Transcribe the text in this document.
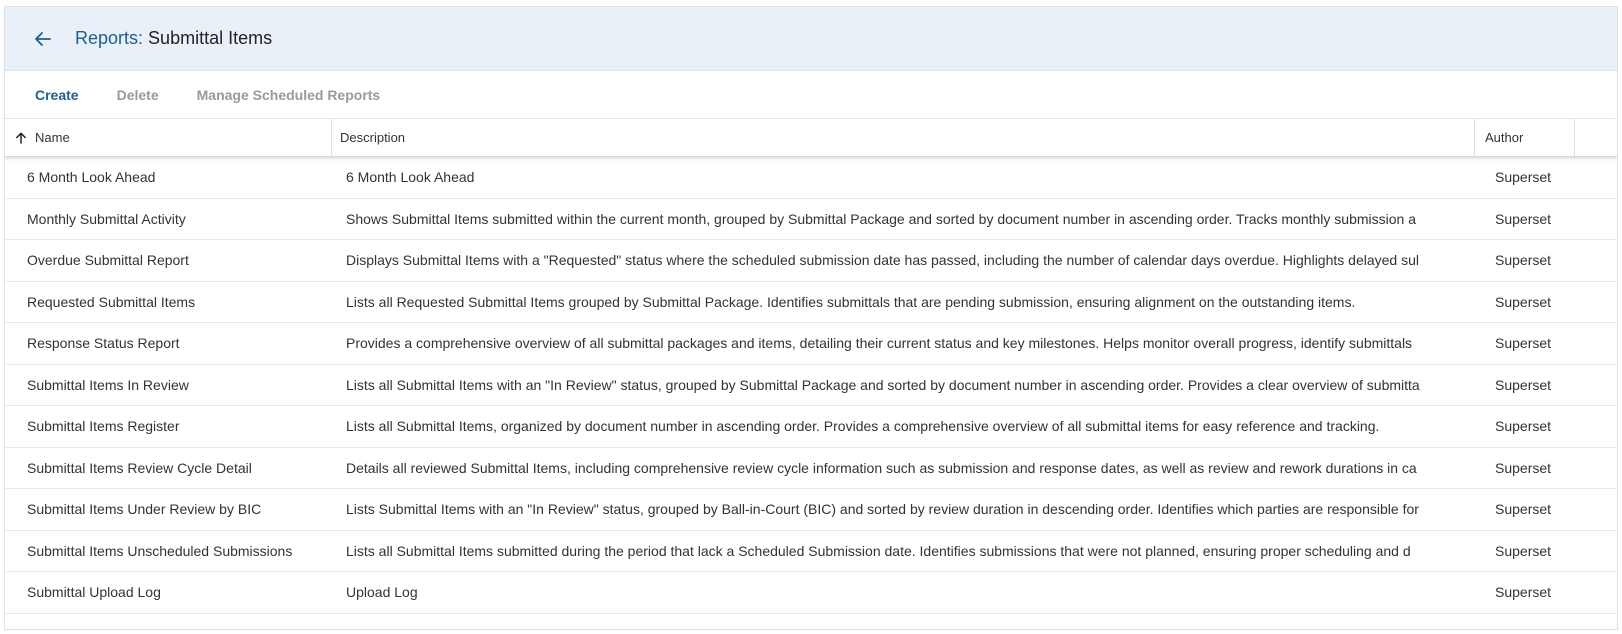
Reports: Submittal Items
Create	Delete	Manage Scheduled Reports
Name	Description	Author
6 Month Look Ahead	6 Month Look Ahead	Superset
Monthly Submittal Activity	Shows Submittal Items submitted within the current month, grouped by Submittal Package and sorted by document number in ascending order. Tracks monthly submission a	Superset
Overdue Submittal Report	Displays Submittal Items with a "Requested" status where the scheduled submission date has passed, including the number of calendar days overdue. Highlights delayed sul	Superset
Requested Submittal Items	Lists all Requested Submittal Items grouped by Submittal Package. Identifies submittals that are pending submission, ensuring alignment on the outstanding items.	Superset
Response Status Report	Provides a comprehensive overview of all submittal packages and items, detailing their current status and key milestones. Helps monitor overall progress, identify submittals	Superset
Submittal Items In Review	Lists all Submittal Items with an "In Review" status, grouped by Submittal Package and sorted by document number in ascending order. Provides a clear overview of submitta	Superset
Submittal Items Register	Lists all Submittal Items, organized by document number in ascending order. Provides a comprehensive overview of all submittal items for easy reference and tracking.	Superset
Submittal Items Review Cycle Detail	Details all reviewed Submittal Items, including comprehensive review cycle information such as submission and response dates, as well as review and rework durations in ca	Superset
Submittal Items Under Review by BIC	Lists Submittal Items with an "In Review" status, grouped by Ball-in-Court (BIC) and sorted by review duration in descending order. Identifies which parties are responsible for	Superset
Submittal Items Unscheduled Submissions	Lists all Submittal Items submitted during the period that lack a Scheduled Submission date. Identifies submissions that were not planned, ensuring proper scheduling and d	Superset
Submittal Upload Log	Upload Log	Superset
